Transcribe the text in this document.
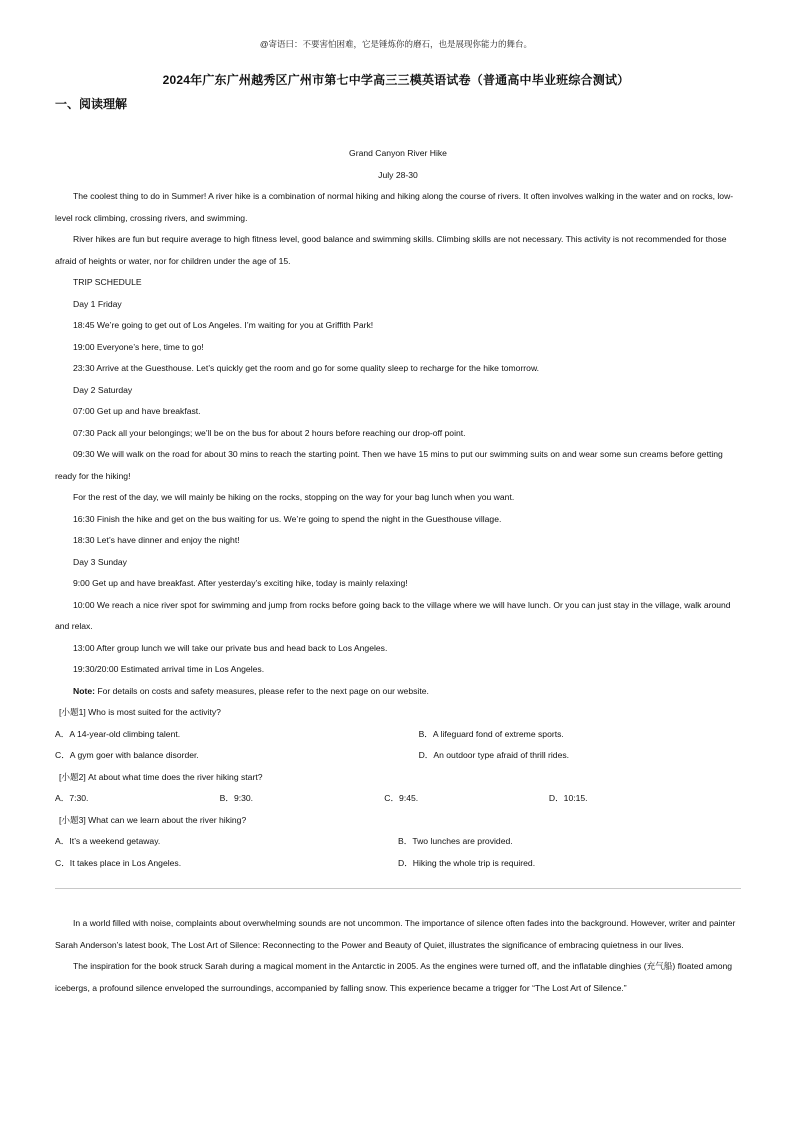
@寄语曰：不要害怕困难，它是锤炼你的磨石，也是展现你能力的舞台。
2024年广东广州越秀区广州市第七中学高三三模英语试卷（普通高中毕业班综合测试）
一、阅读理解

Grand Canyon River Hike

July 28-30

The coolest thing to do in Summer! A river hike is a combination of normal hiking and hiking along the course of rivers. It often involves walking in the water and on rocks, low-level rock climbing, crossing rivers, and swimming.

River hikes are fun but require average to high fitness level, good balance and swimming skills. Climbing skills are not necessary. This activity is not recommended for those afraid of heights or water, nor for children under the age of 15.

TRIP SCHEDULE

Day 1 Friday

18:45 We’re going to get out of Los Angeles. I’m waiting for you at Griffith Park!

19:00 Everyone’s here, time to go!

23:30 Arrive at the Guesthouse. Let’s quickly get the room and go for some quality sleep to recharge for the hike tomorrow.

Day 2 Saturday

07:00 Get up and have breakfast.

07:30 Pack all your belongings; we’ll be on the bus for about 2 hours before reaching our drop-off point.

09:30 We will walk on the road for about 30 mins to reach the starting point. Then we have 15 mins to put our swimming suits on and wear some sun creams before getting ready for the hiking!

For the rest of the day, we will mainly be hiking on the rocks, stopping on the way for your bag lunch when you want.

16:30 Finish the hike and get on the bus waiting for us. We’re going to spend the night in the Guesthouse village.

18:30 Let’s have dinner and enjoy the night!

Day 3 Sunday

9:00 Get up and have breakfast. After yesterday’s exciting hike, today is mainly relaxing!

10:00 We reach a nice river spot for swimming and jump from rocks before going back to the village where we will have lunch. Or you can just stay in the village, walk around and relax.

13:00 After group lunch we will take our private bus and head back to Los Angeles.

19:30/20:00 Estimated arrival time in Los Angeles.

Note: For details on costs and safety measures, please refer to the next page on our website.

[小题1] Who is most suited for the activity?

A．A 14-year-old climbing talent.	B．A lifeguard fond of extreme sports.
C．A gym goer with balance disorder.	D．An outdoor type afraid of thrill rides.

[小题2] At about what time does the river hiking start?

A．7:30.	B．9:30.	C．9:45.	D．10:15.

[小题3] What can we learn about the river hiking?

A．It’s a weekend getaway.	B．Two lunches are provided.
C．It takes place in Los Angeles.	D．Hiking the whole trip is required.

In a world filled with noise, complaints about overwhelming sounds are not uncommon. The importance of silence often fades into the background. However, writer and painter Sarah Anderson’s latest book, The Lost Art of Silence: Reconnecting to the Power and Beauty of Quiet, illustrates the significance of embracing quietness in our lives.

The inspiration for the book struck Sarah during a magical moment in the Antarctic in 2005. As the engines were turned off, and the inflatable dinghies (充气船) floated among icebergs, a profound silence enveloped the surroundings, accompanied by falling snow. This experience became a trigger for “The Lost Art of Silence.”
